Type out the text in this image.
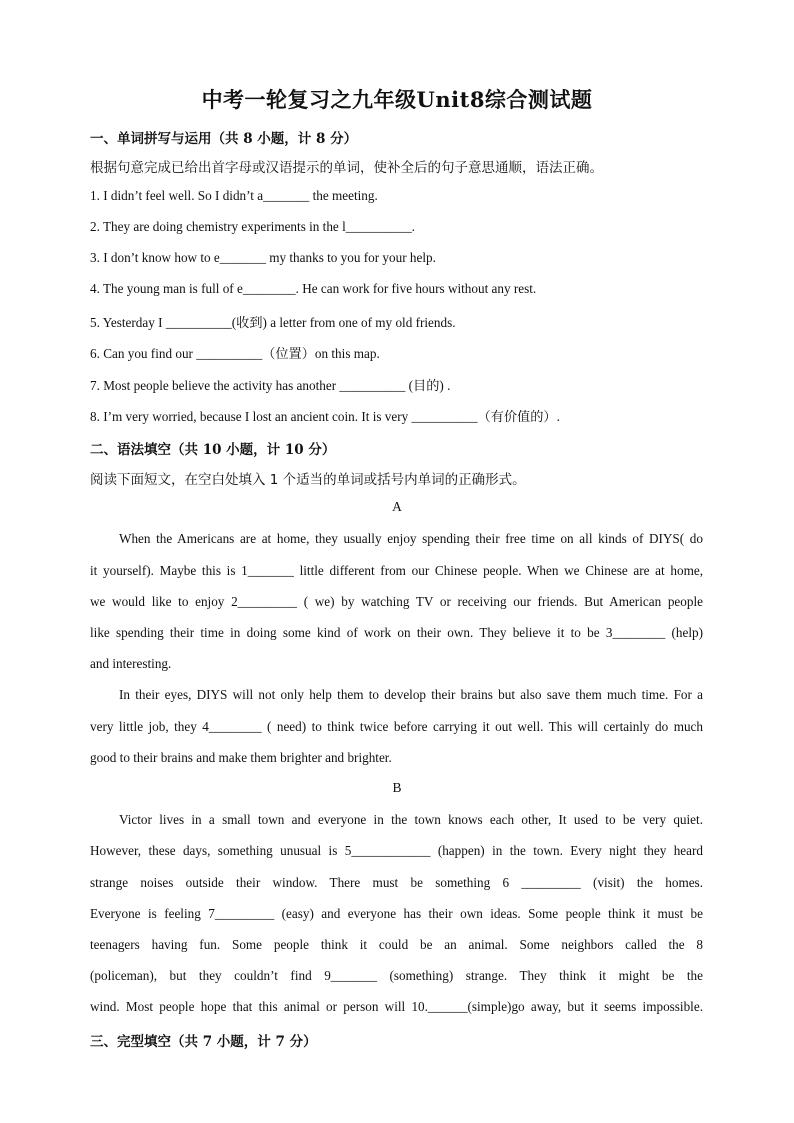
中考一轮复习之九年级Unit8综合测试题
一、单词拼写与运用（共 8 小题，计 8 分）
根据句意完成已给出首字母或汉语提示的单词，使补全后的句子意思通顺，语法正确。
1. I didn’t feel well. So I didn’t a_______ the meeting.
2. They are doing chemistry experiments in the l__________.
3. I don’t know how to e_______ my thanks to you for your help.
4. The young man is full of e________. He can work for five hours without any rest.
5. Yesterday I __________(收到) a letter from one of my old friends.
6. Can you find our __________（位置）on this map.
7. Most people believe the activity has another __________ (目的) .
8. I’m very worried, because I lost an ancient coin. It is very __________（有价值的）.
二、语法填空（共 10 小题，计 10 分）
阅读下面短文，在空白处填入 1 个适当的单词或括号内单词的正确形式。
A
When the Americans are at home, they usually enjoy spending their free time on all kinds of DIYS( do
it yourself). Maybe this is 1_______ little different from our Chinese people. When we Chinese are at home,
we would like to enjoy 2_________ ( we) by watching TV or receiving our friends. But American people
like spending their time in doing some kind of work on their own. They believe it to be 3________ (help)
and interesting.
In their eyes, DIYS will not only help them to develop their brains but also save them much time. For a
very little job, they 4________ ( need) to think twice before carrying it out well. This will certainly do much
good to their brains and make them brighter and brighter.
B
Victor lives in a small town and everyone in the town knows each other, It used to be very quiet.
However, these days, something unusual is 5____________ (happen) in the town. Every night they heard
strange noises outside their window. There must be something 6 _________ (visit) the homes.
Everyone is feeling 7_________ (easy) and everyone has their own ideas. Some people think it must be
teenagers having fun. Some people think it could be an animal. Some neighbors called the 8
(policeman), but they couldn’t find 9_______ (something) strange. They think it might be the
wind. Most people hope that this animal or person will 10.______(simple)go away, but it seems impossible.
三、完型填空（共 7 小题，计 7 分）
